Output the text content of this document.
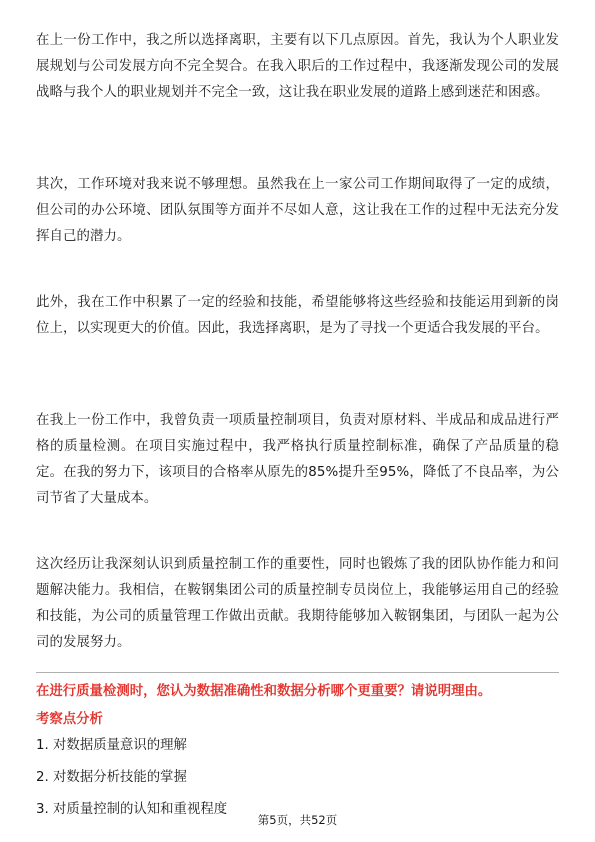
在上一份工作中，我之所以选择离职，主要有以下几点原因。首先，我认为个人职业发展规划与公司发展方向不完全契合。在我入职后的工作过程中，我逐渐发现公司的发展战略与我个人的职业规划并不完全一致，这让我在职业发展的道路上感到迷茫和困惑。

其次，工作环境对我来说不够理想。虽然我在上一家公司工作期间取得了一定的成绩，但公司的办公环境、团队氛围等方面并不尽如人意，这让我在工作的过程中无法充分发挥自己的潜力。

此外，我在工作中积累了一定的经验和技能，希望能够将这些经验和技能运用到新的岗位上，以实现更大的价值。因此，我选择离职，是为了寻找一个更适合我发展的平台。

在我上一份工作中，我曾负责一项质量控制项目，负责对原材料、半成品和成品进行严格的质量检测。在项目实施过程中，我严格执行质量控制标准，确保了产品质量的稳定。在我的努力下，该项目的合格率从原先的85%提升至95%，降低了不良品率，为公司节省了大量成本。

这次经历让我深刻认识到质量控制工作的重要性，同时也锻炼了我的团队协作能力和问题解决能力。我相信，在鞍钢集团公司的质量控制专员岗位上，我能够运用自己的经验和技能，为公司的质量管理工作做出贡献。我期待能够加入鞍钢集团，与团队一起为公司的发展努力。

在进行质量检测时，您认为数据准确性和数据分析哪个更重要？请说明理由。

考察点分析

1. 对数据质量意识的理解
2. 对数据分析技能的掌握
3. 对质量控制的认知和重视程度
第5页，共52页
